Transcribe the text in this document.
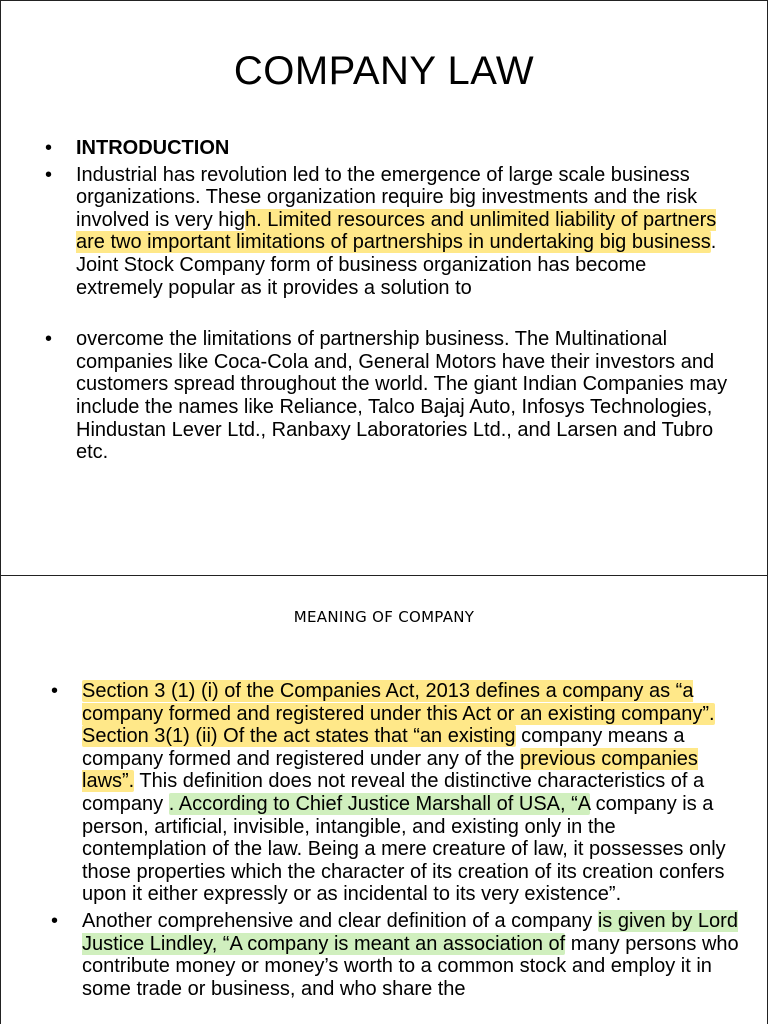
COMPANY LAW
• INTRODUCTION
• Industrial has revolution led to the emergence of large scale business organizations. These organization require big investments and the risk involved is very high. Limited resources and unlimited liability of partners are two important limitations of partnerships in undertaking big business. Joint Stock Company form of business organization has become extremely popular as it provides a solution to
• overcome the limitations of partnership business. The Multinational companies like Coca-Cola and, General Motors have their investors and customers spread throughout the world. The giant Indian Companies may include the names like Reliance, Talco Bajaj Auto, Infosys Technologies, Hindustan Lever Ltd., Ranbaxy Laboratories Ltd., and Larsen and Tubro etc.
MEANING OF COMPANY
• Section 3 (1) (i) of the Companies Act, 2013 defines a company as “a company formed and registered under this Act or an existing company”. Section 3(1) (ii) Of the act states that “an existing company means a company formed and registered under any of the previous companies laws”. This definition does not reveal the distinctive characteristics of a company . According to Chief Justice Marshall of USA, “A company is a person, artificial, invisible, intangible, and existing only in the contemplation of the law. Being a mere creature of law, it possesses only those properties which the character of its creation of its creation confers upon it either expressly or as incidental to its very existence”.
• Another comprehensive and clear definition of a company is given by Lord Justice Lindley, “A company is meant an association of many persons who contribute money or money’s worth to a common stock and employ it in some trade or business, and who share the
